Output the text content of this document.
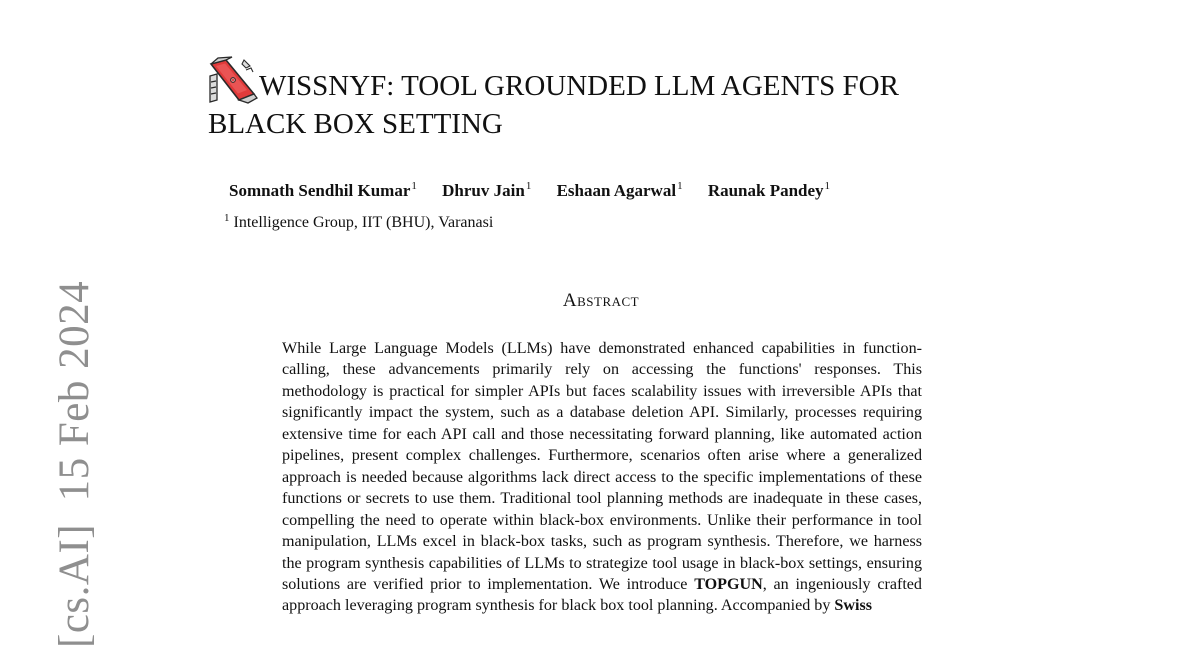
[cs.AI]  15 Feb 2024
WISSNYF: TOOL GROUNDED LLM AGENTS FOR
BLACK BOX SETTING
Somnath Sendhil Kumar$^1$ Dhruv Jain$^1$ Eshaan Agarwal$^1$ Raunak Pandey$^1$
$^1$ Intelligence Group, IIT (BHU), Varanasi
Abstract
While Large Language Models (LLMs) have demonstrated enhanced capabilities in function-calling, these advancements primarily rely on accessing the functions' responses. This methodology is practical for simpler APIs but faces scalability issues with irreversible APIs that significantly impact the system, such as a database deletion API. Similarly, processes requiring extensive time for each API call and those necessitating forward planning, like automated action pipelines, present complex challenges. Furthermore, scenarios often arise where a generalized approach is needed because algorithms lack direct access to the specific implementations of these functions or secrets to use them. Traditional tool planning methods are inadequate in these cases, compelling the need to operate within black-box environments. Unlike their performance in tool manipulation, LLMs excel in black-box tasks, such as program synthesis. Therefore, we harness the program synthesis capabilities of LLMs to strategize tool usage in black-box settings, ensuring solutions are verified prior to implementation. We introduce TOPGUN, an ingeniously crafted approach leveraging program synthesis for black box tool planning. Accompanied by Swiss
